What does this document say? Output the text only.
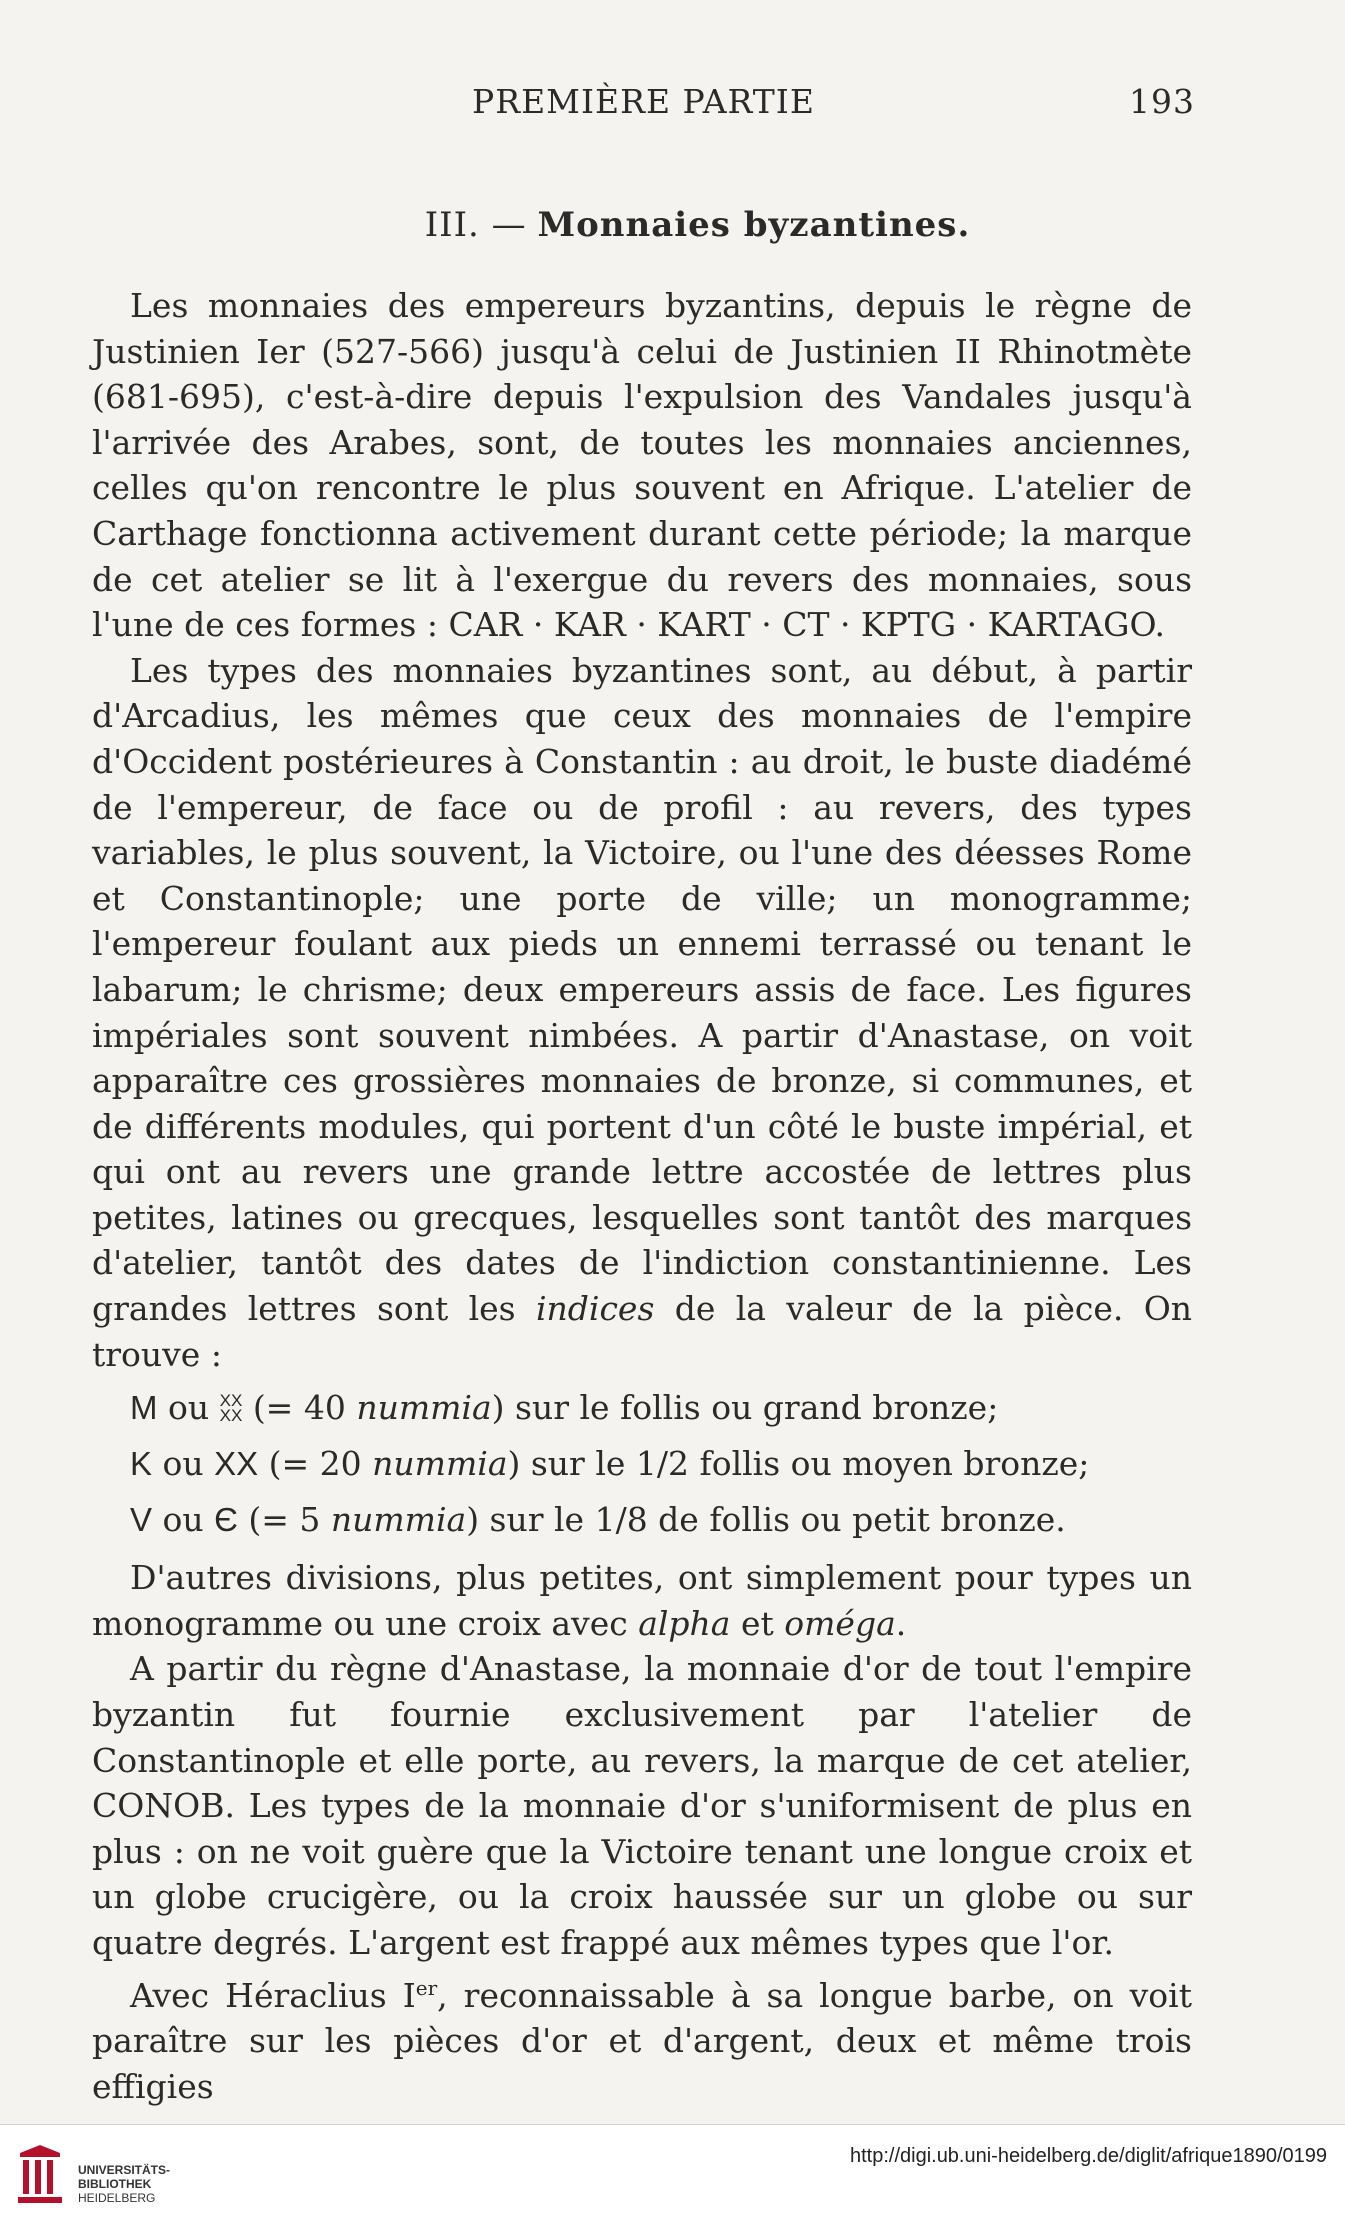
PREMIÈRE PARTIE	193
III. — Monnaies byzantines.

Les monnaies des empereurs byzantins, depuis le règne de Justinien Ier (527-566) jusqu'à celui de Justinien II Rhinotmète (681-695), c'est-à-dire depuis l'expulsion des Vandales jusqu'à l'arrivée des Arabes, sont, de toutes les monnaies anciennes, celles qu'on rencontre le plus souvent en Afrique. L'atelier de Carthage fonctionna activement durant cette période; la marque de cet atelier se lit à l'exergue du revers des monnaies, sous l'une de ces formes : CAR · KAR · KART · CT · KPTG · KARTAGO.

Les types des monnaies byzantines sont, au début, à partir d'Arcadius, les mêmes que ceux des monnaies de l'empire d'Occident postérieures à Constantin : au droit, le buste diadémé de l'empereur, de face ou de profil : au revers, des types variables, le plus souvent, la Victoire, ou l'une des déesses Rome et Constantinople; une porte de ville; un monogramme; l'empereur foulant aux pieds un ennemi terrassé ou tenant le labarum; le chrisme; deux empereurs assis de face. Les figures impériales sont souvent nimbées. A partir d'Anastase, on voit apparaître ces grossières monnaies de bronze, si communes, et de différents modules, qui portent d'un côté le buste impérial, et qui ont au revers une grande lettre accostée de lettres plus petites, latines ou grecques, lesquelles sont tantôt des marques d'atelier, tantôt des dates de l'indiction constantinienne. Les grandes lettres sont les indices de la valeur de la pièce. On trouve :

M ou XX
XX (= 40 nummia) sur le follis ou grand bronze;
K ou XX (= 20 nummia) sur le 1/2 follis ou moyen bronze;
V ou Є (= 5 nummia) sur le 1/8 de follis ou petit bronze.

D'autres divisions, plus petites, ont simplement pour types un monogramme ou une croix avec alpha et oméga.

A partir du règne d'Anastase, la monnaie d'or de tout l'empire byzantin fut fournie exclusivement par l'atelier de Constantinople et elle porte, au revers, la marque de cet atelier, CONOB. Les types de la monnaie d'or s'uniformisent de plus en plus : on ne voit guère que la Victoire tenant une longue croix et un globe crucigère, ou la croix haussée sur un globe ou sur quatre degrés. L'argent est frappé aux mêmes types que l'or.

Avec Héraclius Ier, reconnaissable à sa longue barbe, on voit paraître sur les pièces d'or et d'argent, deux et même trois effigies

UNIVERSITÄTS-
BIBLIOTHEK
HEIDELBERG
http://digi.ub.uni-heidelberg.de/diglit/afrique1890/0199
